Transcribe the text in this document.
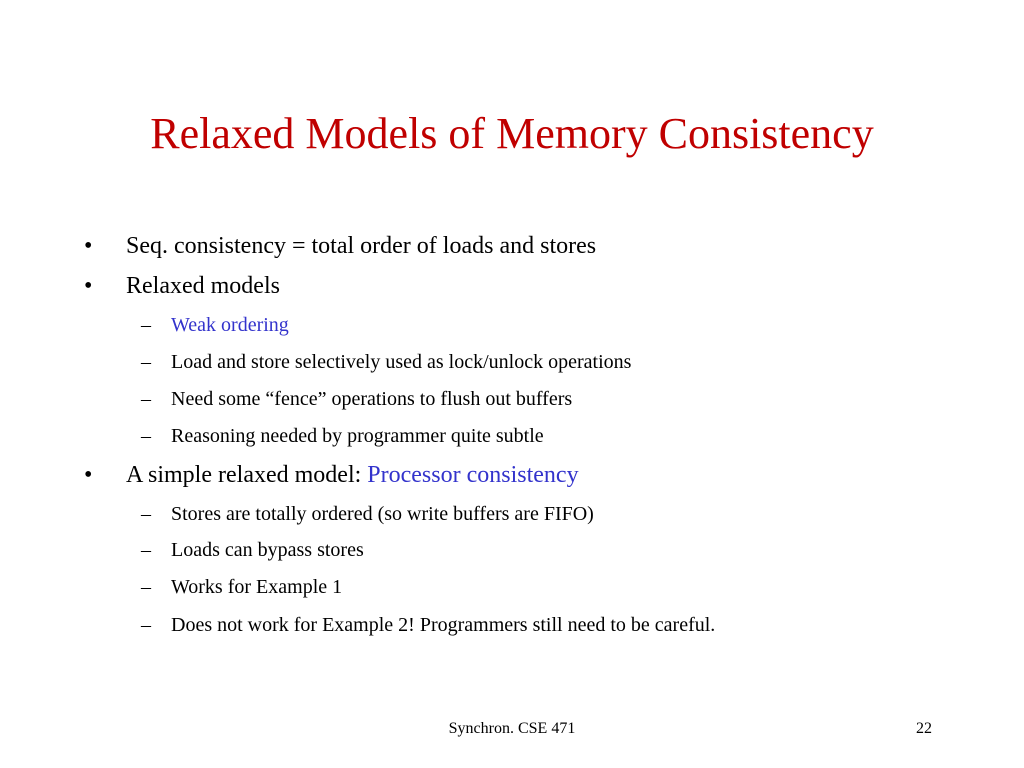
Relaxed Models of Memory Consistency
• Seq. consistency = total order of loads and stores
• Relaxed models
– Weak ordering
– Load and store selectively used as lock/unlock operations
– Need some “fence” operations to flush out buffers
– Reasoning needed by programmer quite subtle
• A simple relaxed model: Processor consistency
– Stores are totally ordered (so write buffers are FIFO)
– Loads can bypass stores
– Works for Example 1
– Does not work for Example 2! Programmers still need to be careful.
Synchron. CSE 471	22
